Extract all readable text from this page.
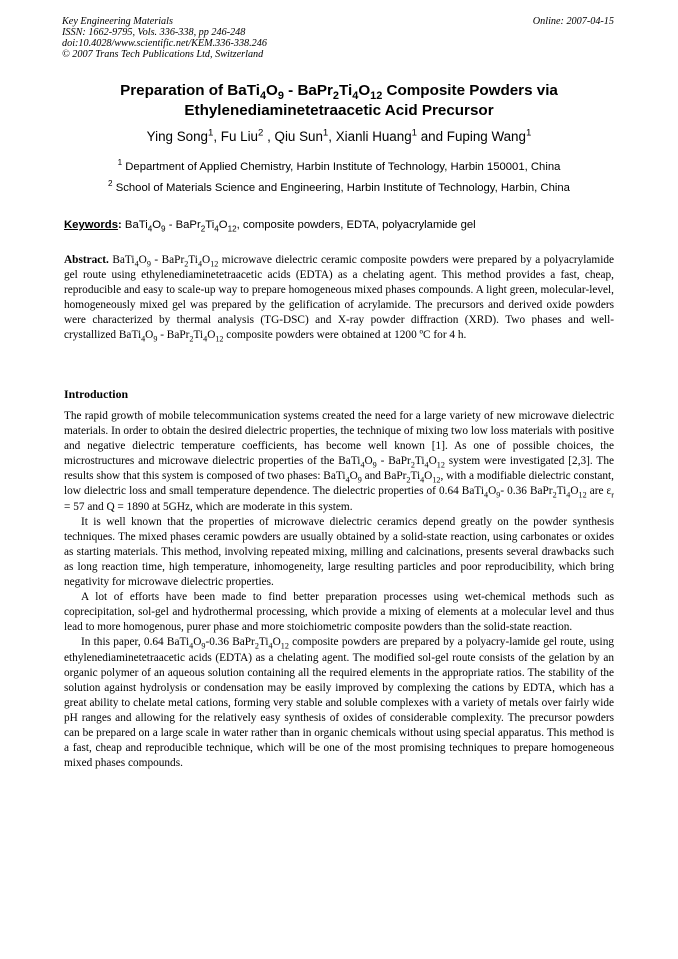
Key Engineering Materials
ISSN: 1662-9795, Vols. 336-338, pp 246-248
doi:10.4028/www.scientific.net/KEM.336-338.246
© 2007 Trans Tech Publications Ltd, Switzerland
Online: 2007-04-15
Preparation of $BaTi_4O_9$ - $BaPr_2Ti_4O_{12}$ Composite Powders via
Ethylenediaminetetraacetic Acid Precursor
Ying Song$^1$, Fu Liu$^2$ , Qiu Sun$^1$, Xianli Huang$^1$ and Fuping Wang$^1$
$^1$ Department of Applied Chemistry, Harbin Institute of Technology, Harbin 150001, China
$^2$ School of Materials Science and Engineering, Harbin Institute of Technology, Harbin, China
Keywords: $BaTi_4O_9$ - $BaPr_2Ti_4O_{12}$, composite powders, EDTA, polyacrylamide gel
Abstract. $BaTi_4O_9$ - $BaPr_2Ti_4O_{12}$ microwave dielectric ceramic composite powders were prepared by a polyacrylamide gel route using ethylenediaminetetraacetic acids (EDTA) as a chelating agent. This method provides a fast, cheap, reproducible and easy to scale-up way to prepare homogeneous mixed phases compounds. A light green, molecular-level, homogeneously mixed gel was prepared by the gelification of acrylamide. The precursors and derived oxide powders were characterized by thermal analysis (TG-DSC) and X-ray powder diffraction (XRD). Two phases and well-crystallized $BaTi_4O_9$ - $BaPr_2Ti_4O_{12}$ composite powders were obtained at 1200 ºC for 4 h.
Introduction

The rapid growth of mobile telecommunication systems created the need for a large variety of new microwave dielectric materials. In order to obtain the desired dielectric properties, the technique of mixing two low loss materials with positive and negative dielectric temperature coefficients, has become well known [1]. As one of possible choices, the microstructures and microwave dielectric properties of the $BaTi_4O_9$ - $BaPr_2Ti_4O_{12}$ system were investigated [2,3]. The results show that this system is composed of two phases: $BaTi_4O_9$ and $BaPr_2Ti_4O_{12}$, with a modifiable dielectric constant, low dielectric loss and small temperature dependence. The dielectric properties of 0.64 $BaTi_4O_9-$ 0.36 $BaPr_2Ti_4O_{12}$ are $\varepsilon_r = 57$ and Q = 1890 at 5GHz, which are moderate in this system.

It is well known that the properties of microwave dielectric ceramics depend greatly on the powder synthesis techniques. The mixed phases ceramic powders are usually obtained by a solid-state reaction, using carbonates or oxides as starting materials. This method, involving repeated mixing, milling and calcinations, presents several drawbacks such as long reaction time, high temperature, inhomogeneity, large resulting particles and poor reproducibility, which bring negativity for microwave dielectric properties.

A lot of efforts have been made to find better preparation processes using wet-chemical methods such as coprecipitation, sol-gel and hydrothermal processing, which provide a mixing of elements at a molecular level and thus lead to more homogenous, purer phase and more stoichiometric composite powders than the solid-state reaction.

In this paper, 0.64 $BaTi_4O_9-0.36$ $BaPr_2Ti_4O_{12}$ composite powders are prepared by a polyacry-lamide gel route, using ethylenediaminetetraacetic acids (EDTA) as a chelating agent. The modified sol-gel route consists of the gelation by an organic polymer of an aqueous solution containing all the required elements in the appropriate ratios. The stability of the solution against hydrolysis or condensation may be easily improved by complexing the cations by EDTA, which has a great ability to chelate metal cations, forming very stable and soluble complexes with a variety of metals over fairly wide pH ranges and allowing for the relatively easy synthesis of oxides of considerable complexity. The precursor powders can be prepared on a large scale in water rather than in organic chemicals without using special apparatus. This method is a fast, cheap and reproducible technique, which will be one of the most promising techniques to prepare homogeneous mixed phases compounds.
